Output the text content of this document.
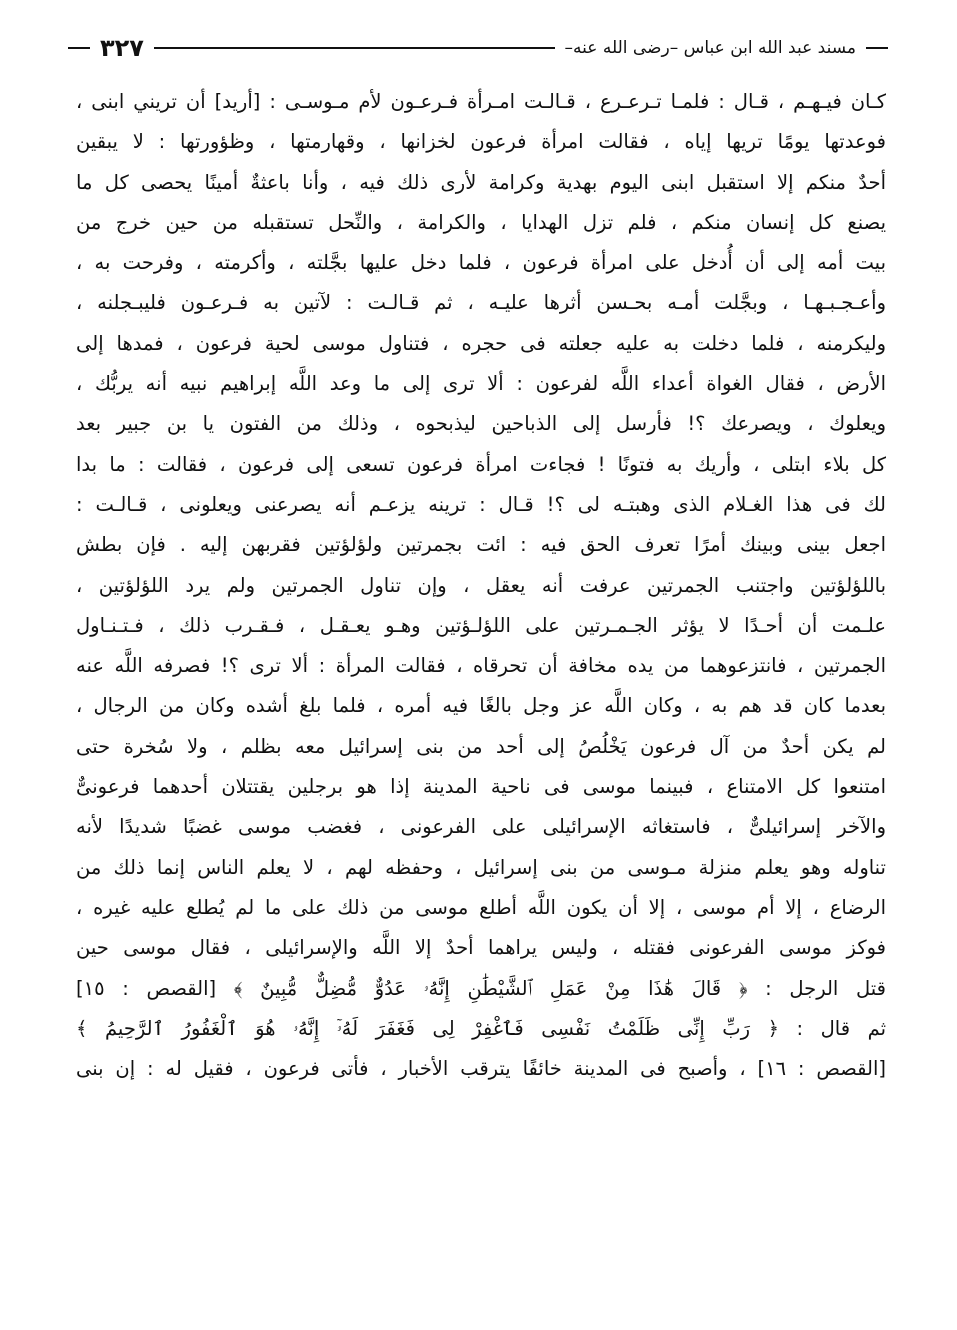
مسند عبد الله ابن عباس –رضى الله عنه–
٣٢٧
كـان فيـهـم ، قـال : فلمـا تـرعـرع ، قـالـت امـرأة فـرعـون لأم مـوسـى : [أريد] أن تريني ابنى ،
فوعدتها يومًا تريها إياه ، فقالت امرأة فرعون لخزانها ، وقهارمتها ، وظؤورتها : لا يبقين
أحدٌ منكم إلا استقبل ابنى اليوم بهدية وكرامة لأرى ذلك فيه ، وأنا باعثةٌ أمينًا يحصى كل ما
يصنع كل إنسان منكم ، فلم تزل الهدايا ، والكرامة ، والنِّحل تستقبله من حين خرج من
بيت أمه إلى أن أُدخل على امرأة فرعون ، فلما دخل عليها بجَّلته ، وأكرمته ، وفرحت به ،
وأعـجـبـهـا ، وبجَّلت أمـه بحـسن أثرها عليـه ، ثم قـالـت : لآتين به فـرعـون فليبـجلنه ،
وليكرمنه ، فلما دخلت به عليه جعلته فى حجره ، فتناول موسى لحية فرعون ، فمدها إلى
الأرض ، فقال الغواة أعداء اللَّه لفرعون : ألا ترى إلى ما وعد اللَّه إبراهيم نبيه أنه يربُّك ،
ويعلوك ، ويصرعك ؟! فأرسل إلى الذباحين ليذبحوه ، وذلك من الفتون يا بن جبير بعد
كل بلاء ابتلى ، وأريك به فتونًا ! فجاءت امرأة فرعون تسعى إلى فرعون ، فقالت : ما بدا
لك فى هذا الغـلام الذى وهبتـه لى ؟! قـال : ترينه يزعـم أنه يصرعنى ويعلونى ، قـالـت :
اجعل بينى وبينك أمرًا تعرف الحق فيه : ائت بجمرتين ولؤلؤتين فقربهن إليه . فإن بطش
باللؤلؤتين واجتنب الجمرتين عرفت أنه يعقل ، وإن تناول الجمرتين ولم يرد اللؤلؤتين ،
علـمت أن أحـدًا لا يؤثر الجـمـرتين على اللؤلـؤتين وهـو يعـقـل ، فـقـرب ذلك ، فـتـنـاول
الجمرتين ، فانتزعوهما من يده مخافة أن تحرقاه ، فقالت المرأة : ألا ترى ؟! فصرفه اللَّه عنه
بعدما كان قد هم به ، وكان اللَّه عز وجل بالغًا فيه أمره ، فلما بلغ أشده وكان من الرجال ،
لم يكن أحدٌ من آل فرعون يَخْلُصُ إلى أحد من بنى إسرائيل معه بظلم ، ولا سُخرة حتى
امتنعوا كل الامتناع ، فبينما موسى فى ناحية المدينة إذا هو برجلين يقتتلان أحدهما فرعونىٌّ
والآخر إسرائيلىٌّ ، فاستغاثه الإسرائيلى على الفرعونى ، فغضب موسى غضبًا شديدًا لأنه
تناوله وهو يعلم منزلة مـوسى من بنى إسرائيل ، وحفظه لهم ، لا يعلم الناس إنما ذلك من
الرضاع ، إلا أم موسى ، إلا أن يكون اللَّه أطلع موسى من ذلك على ما لم يُطلع عليه غيره ،
فوكز موسى الفرعونى فقتله ، وليس يراهما أحدٌ إلا اللَّه والإسرائيلى ، فقال موسى حين
قتل الرجل : ﴿ قَالَ هَٰذَا مِنْ عَمَلِ ٱلشَّيْطَٰنِ إِنَّهُۥ عَدُوٌّ مُّضِلٌّ مُّبِينٌ ﴾ [القصص : ١٥]
ثم قال : ﴿ رَبِّ إِنِّى ظَلَمْتُ نَفْسِى فَٱغْفِرْ لِى فَغَفَرَ لَهُۥٓ إِنَّهُۥ هُوَ ٱلْغَفُورُ ٱلرَّحِيمُ ﴾
[القصص : ١٦] ، وأصبح فى المدينة خائفًا يترقب الأخبار ، فأتى فرعون ، فقيل له : إن بنى
